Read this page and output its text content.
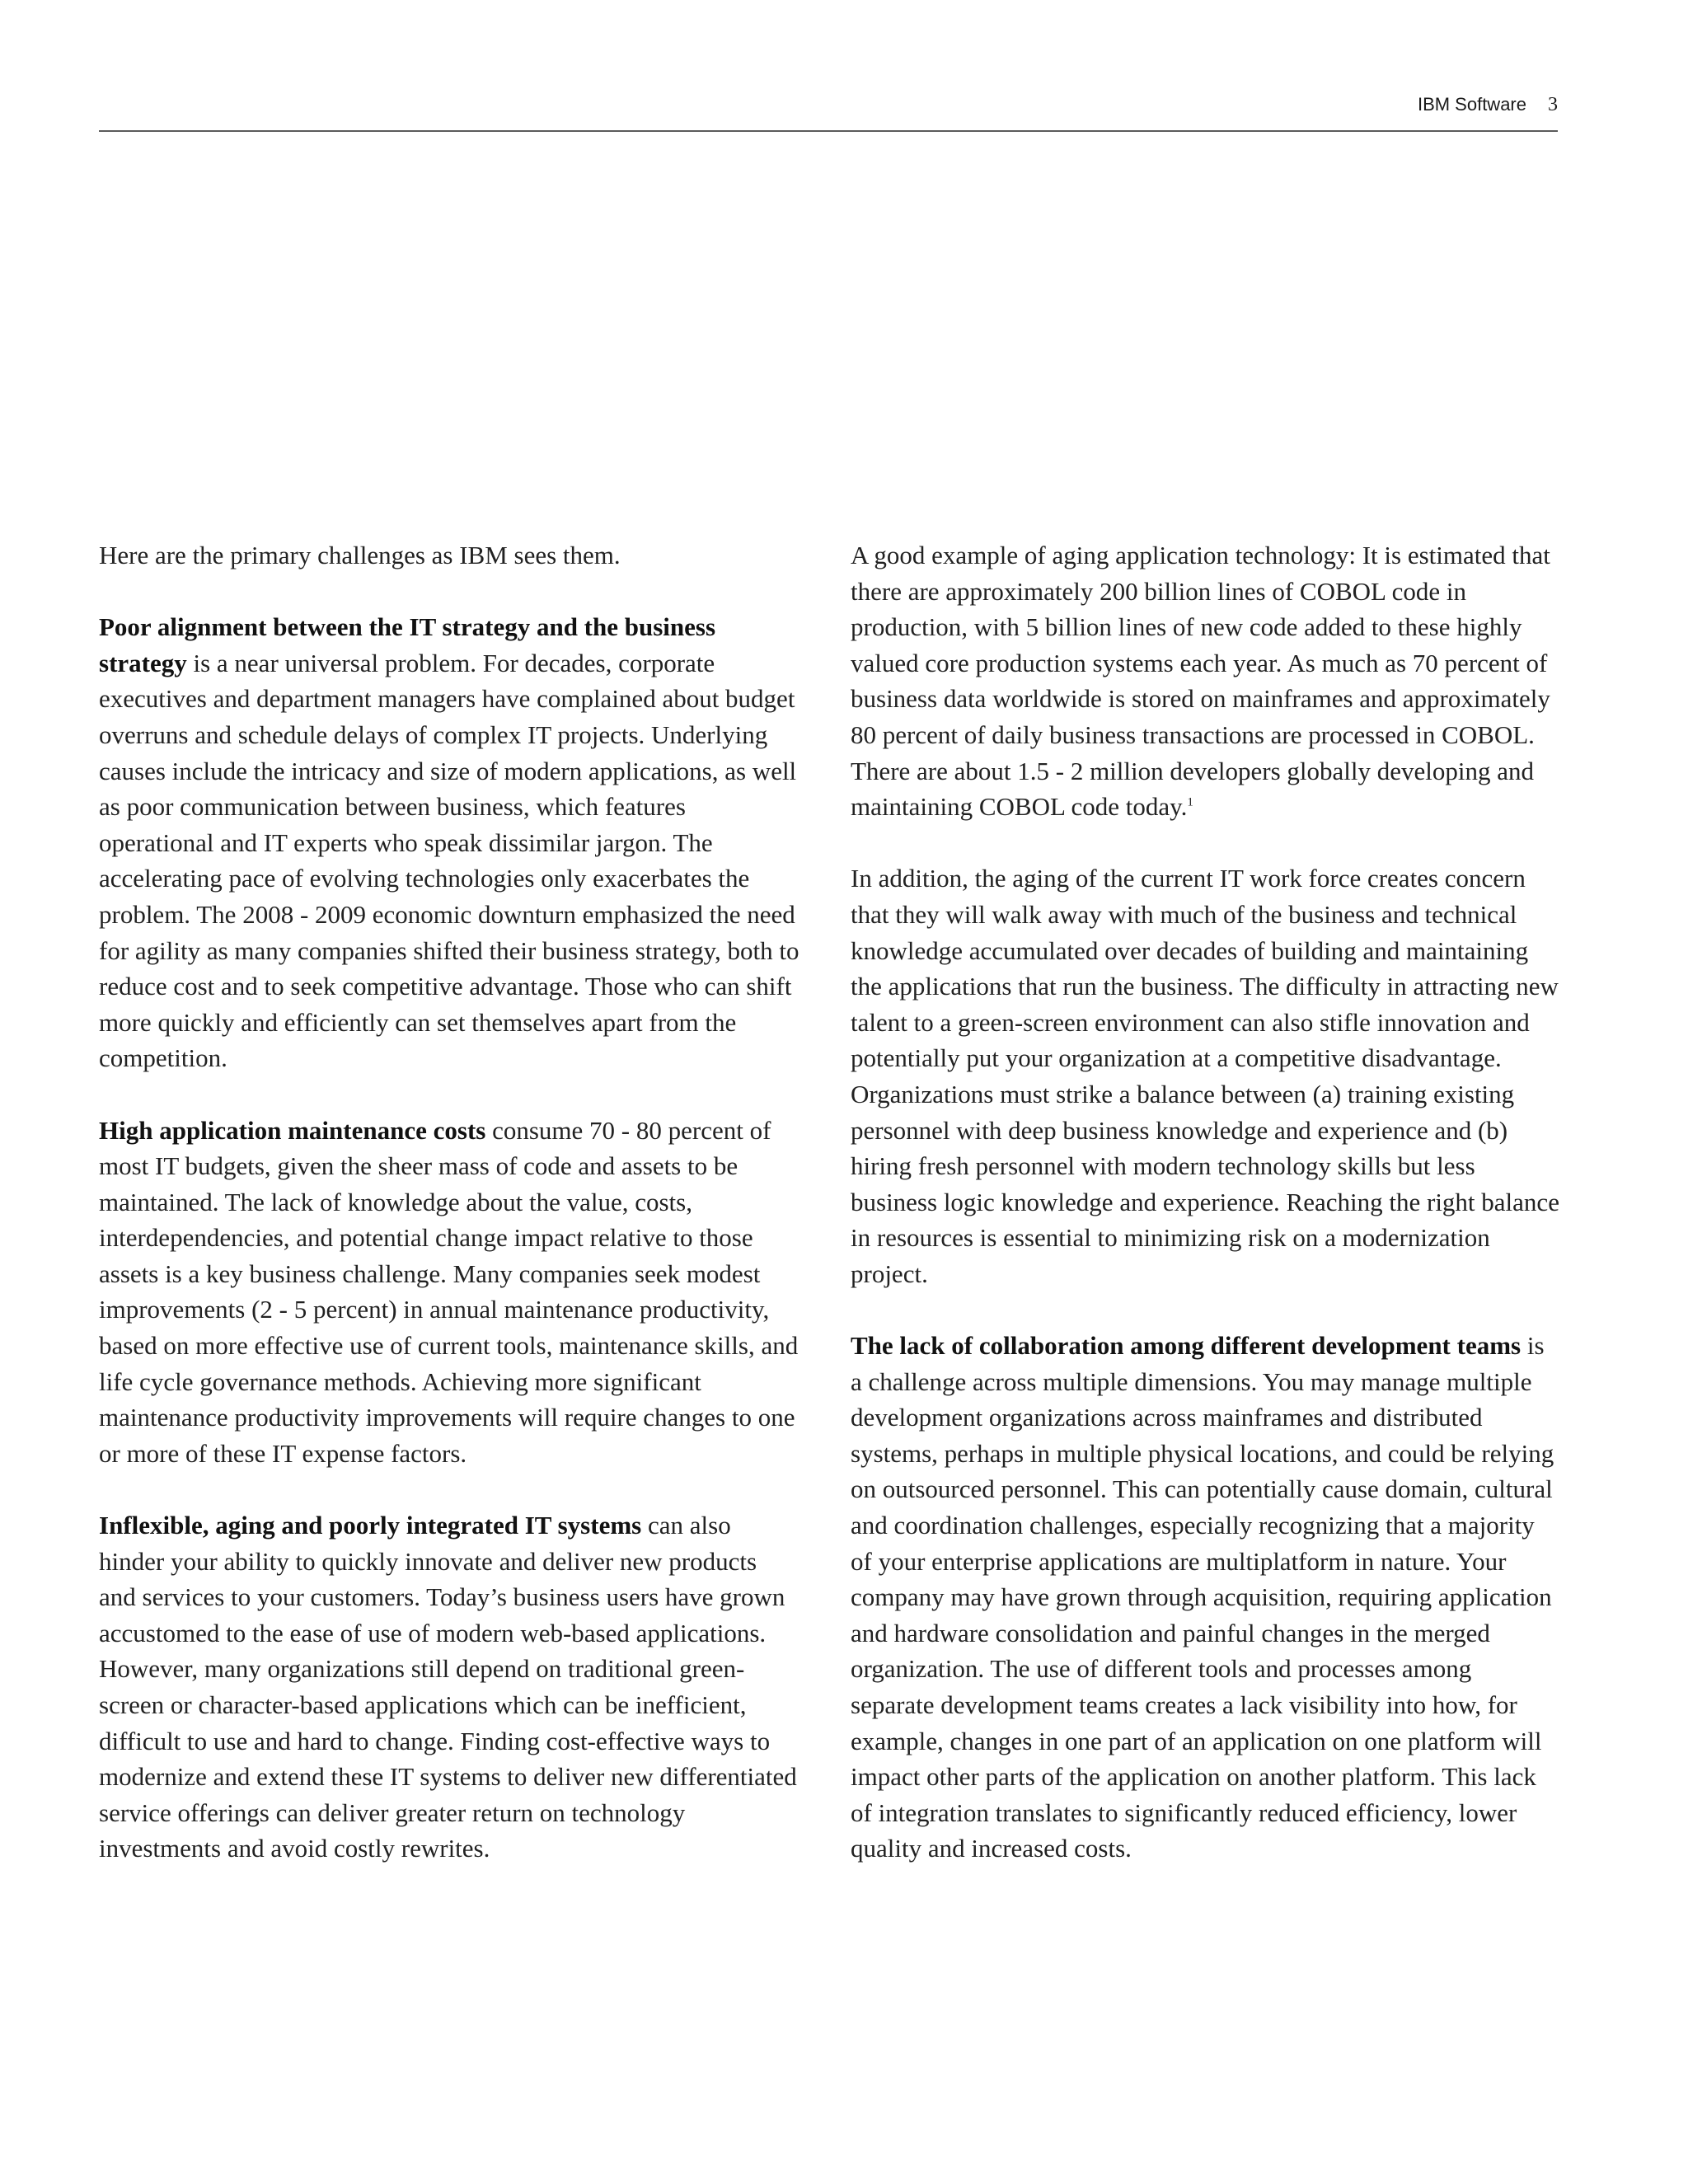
IBM Software 3

Here are the primary challenges as IBM sees them.

Poor alignment between the IT strategy and the business strategy is a near universal problem. For decades, corporate executives and department managers have complained about budget overruns and schedule delays of complex IT projects. Underlying causes include the intricacy and size of modern applications, as well as poor communication between business, which features operational and IT experts who speak dissimilar jargon. The accelerating pace of evolving technologies only exacerbates the problem. The 2008 - 2009 economic downturn emphasized the need for agility as many companies shifted their business strategy, both to reduce cost and to seek competitive advantage. Those who can shift more quickly and efficiently can set themselves apart from the competition.

High application maintenance costs consume 70 - 80 percent of most IT budgets, given the sheer mass of code and assets to be maintained. The lack of knowledge about the value, costs, interdependencies, and potential change impact relative to those assets is a key business challenge. Many companies seek modest improvements (2 - 5 percent) in annual maintenance productivity, based on more effective use of current tools, maintenance skills, and life cycle governance methods. Achieving more significant maintenance productivity improvements will require changes to one or more of these IT expense factors.

Inflexible, aging and poorly integrated IT systems can also hinder your ability to quickly innovate and deliver new products and services to your customers. Today’s business users have grown accustomed to the ease of use of modern web-based applications. However, many organizations still depend on traditional green-screen or character-based applications which can be inefficient, difficult to use and hard to change. Finding cost-effective ways to modernize and extend these IT systems to deliver new differentiated service offerings can deliver greater return on technology investments and avoid costly rewrites.

A good example of aging application technology: It is estimated that there are approximately 200 billion lines of COBOL code in production, with 5 billion lines of new code added to these highly valued core production systems each year. As much as 70 percent of business data worldwide is stored on mainframes and approximately 80 percent of daily business transactions are processed in COBOL. There are about 1.5 - 2 million developers globally developing and maintaining COBOL code today.$^1$

In addition, the aging of the current IT work force creates concern that they will walk away with much of the business and technical knowledge accumulated over decades of building and maintaining the applications that run the business. The difficulty in attracting new talent to a green-screen environment can also stifle innovation and potentially put your organization at a competitive disadvantage. Organizations must strike a balance between (a) training existing personnel with deep business knowledge and experience and (b) hiring fresh personnel with modern technology skills but less business logic knowledge and experience. Reaching the right balance in resources is essential to minimizing risk on a modernization project.

The lack of collaboration among different development teams is a challenge across multiple dimensions. You may manage multiple development organizations across mainframes and distributed systems, perhaps in multiple physical locations, and could be relying on outsourced personnel. This can potentially cause domain, cultural and coordination challenges, especially recognizing that a majority of your enterprise applications are multiplatform in nature. Your company may have grown through acquisition, requiring application and hardware consolidation and painful changes in the merged organization. The use of different tools and processes among separate development teams creates a lack visibility into how, for example, changes in one part of an application on one platform will impact other parts of the application on another platform. This lack of integration translates to significantly reduced efficiency, lower quality and increased costs.
